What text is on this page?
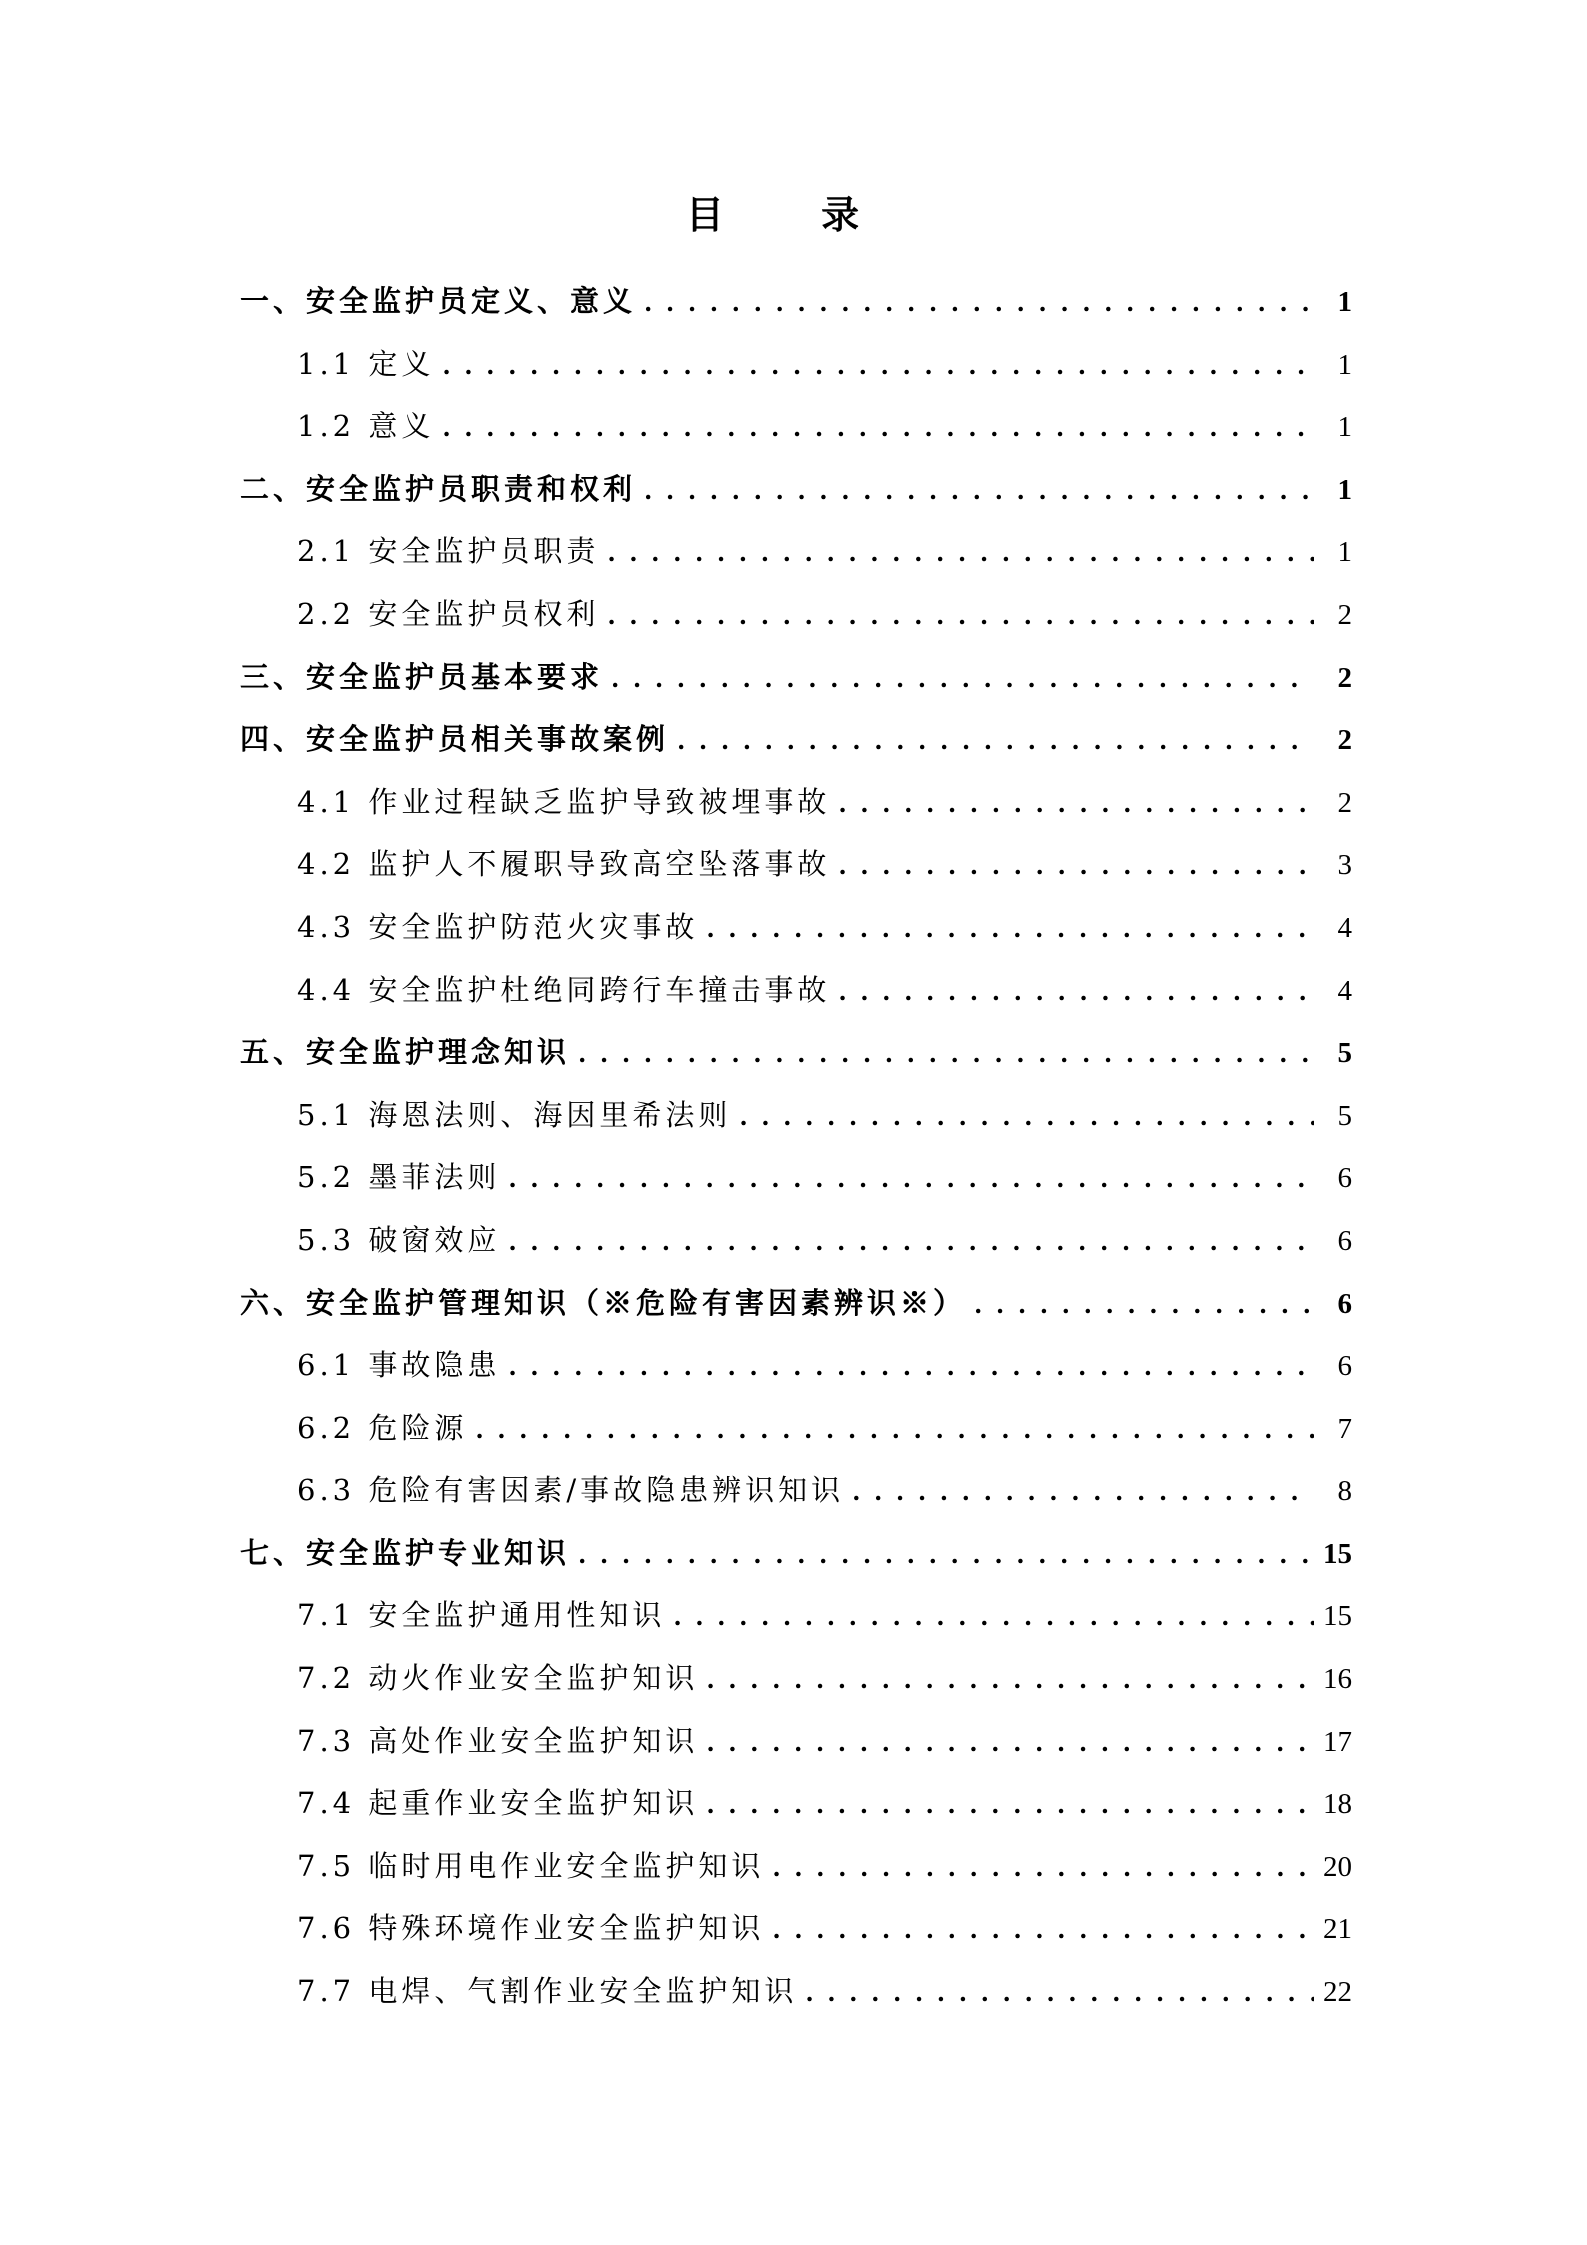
目 录
一、安全监护员定义、意义 . . .	1
1.1 定义 . . .	1
1.2 意义 . . .	1
二、安全监护员职责和权利 . . .	1
2.1 安全监护员职责 . . .	1
2.2 安全监护员权利 . . .	2
三、安全监护员基本要求 . . .	2
四、安全监护员相关事故案例 . . .	2
4.1 作业过程缺乏监护导致被埋事故 . . .	2
4.2 监护人不履职导致高空坠落事故 . . .	3
4.3 安全监护防范火灾事故 . . .	4
4.4 安全监护杜绝同跨行车撞击事故 . . .	4
五、安全监护理念知识 . . .	5
5.1 海恩法则、海因里希法则 . . .	5
5.2 墨菲法则 . . .	6
5.3 破窗效应 . . .	6
六、安全监护管理知识（※危险有害因素辨识※） . . .	6
6.1 事故隐患 . . .	6
6.2 危险源 . . .	7
6.3 危险有害因素/事故隐患辨识知识 . . .	8
七、安全监护专业知识 . . .	15
7.1 安全监护通用性知识 . . .	15
7.2 动火作业安全监护知识 . . .	16
7.3 高处作业安全监护知识 . . .	17
7.4 起重作业安全监护知识 . . .	18
7.5 临时用电作业安全监护知识 . . .	20
7.6 特殊环境作业安全监护知识 . . .	21
7.7 电焊、气割作业安全监护知识 . . .	22
